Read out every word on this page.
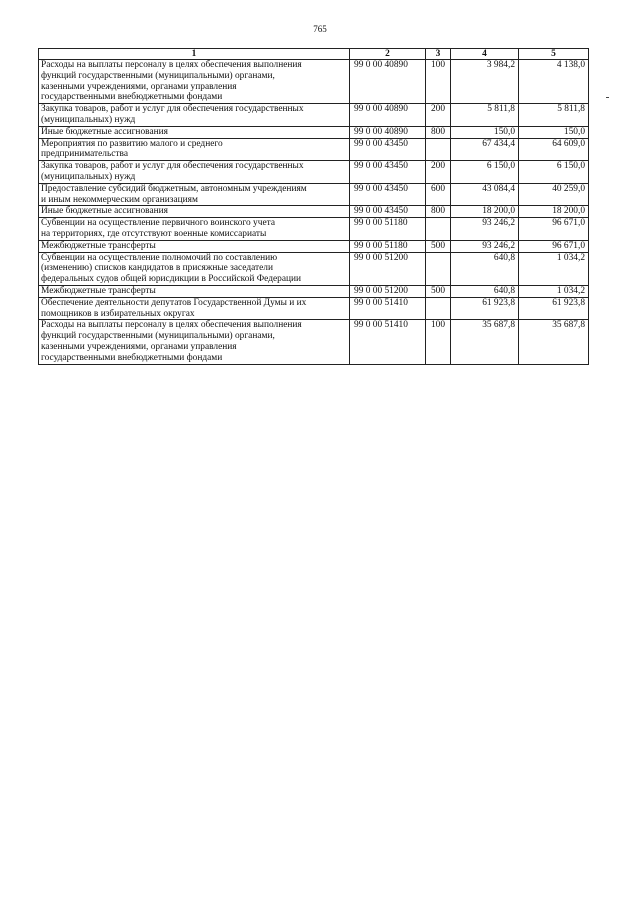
765
1	2	3	4	5

Расходы на выплаты персоналу в целях обеспечения выполнения
функций государственными (муниципальными) органами,
казенными учреждениями, органами управления
государственными внебюджетными фондами	99 0 00 40890	100	3 984,2	4 138,0

Закупка товаров, работ и услуг для обеспечения государственных
(муниципальных) нужд	99 0 00 40890	200	5 811,8	5 811,8

Иные бюджетные ассигнования	99 0 00 40890	800	150,0	150,0

Мероприятия по развитию малого и среднего
предпринимательства	99 0 00 43450		67 434,4	64 609,0

Закупка товаров, работ и услуг для обеспечения государственных
(муниципальных) нужд	99 0 00 43450	200	6 150,0	6 150,0

Предоставление субсидий бюджетным, автономным учреждениям
и иным некоммерческим организациям	99 0 00 43450	600	43 084,4	40 259,0

Иные бюджетные ассигнования	99 0 00 43450	800	18 200,0	18 200,0

Субвенции на осуществление первичного воинского учета
на территориях, где отсутствуют военные комиссариаты	99 0 00 51180		93 246,2	96 671,0

Межбюджетные трансферты	99 0 00 51180	500	93 246,2	96 671,0

Субвенции на осуществление полномочий по составлению
(изменению) списков кандидатов в присяжные заседатели
федеральных судов общей юрисдикции в Российской Федерации	99 0 00 51200		640,8	1 034,2

Межбюджетные трансферты	99 0 00 51200	500	640,8	1 034,2

Обеспечение деятельности депутатов Государственной Думы и их
помощников в избирательных округах	99 0 00 51410		61 923,8	61 923,8

Расходы на выплаты персоналу в целях обеспечения выполнения
функций государственными (муниципальными) органами,
казенными учреждениями, органами управления
государственными внебюджетными фондами	99 0 00 51410	100	35 687,8	35 687,8
